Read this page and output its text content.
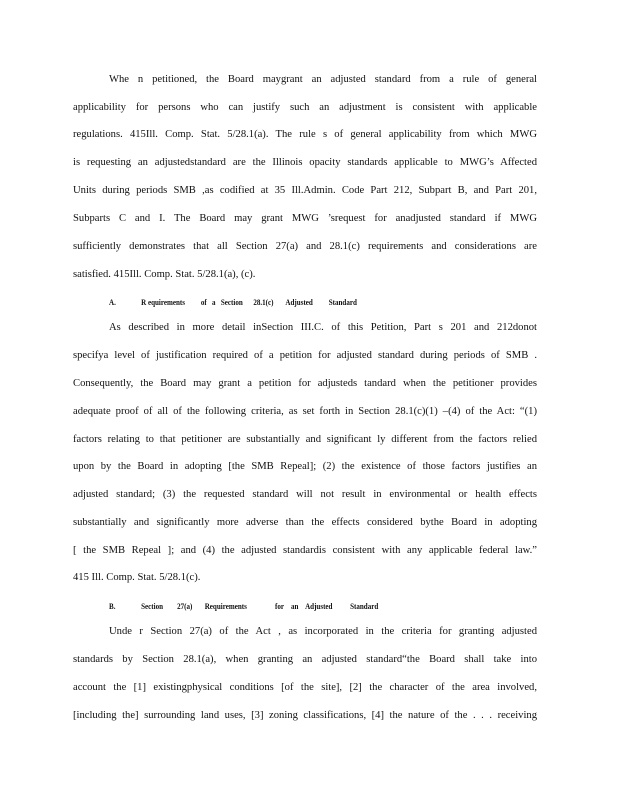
Whe n petitioned, the Board maygrant an adjusted standard from a rule of general
applicability for persons who can justify such an adjustment is consistent with applicable
regulations. 415Ill. Comp. Stat. 5/28.1(a). The rule s of general applicability from which MWG
is requesting an adjustedstandard are the Illinois opacity standards applicable to MWG’s Affected
Units during periods SMB ,as codified at 35 Ill.Admin. Code Part 212, Subpart B, and Part 201,
Subparts C and I. The Board may grant MWG ’srequest for anadjusted standard if MWG
sufficiently demonstrates that all Section 27(a) and 28.1(c) requirements and considerations are
satisfied. 415Ill. Comp. Stat. 5/28.1(a), (c).
A.	R equirements         of   a   Section      28.1(c)       Adjusted         Standard
As described in more detail inSection III.C. of this Petition, Part s 201 and 212donot
specifya level of justification required of a petition for adjusted standard during periods of SMB .
Consequently, the Board may grant a petition for adjusteds tandard when the petitioner provides
adequate proof of all of the following criteria, as set forth in Section 28.1(c)(1) –(4) of the Act: “(1)
factors relating to that petitioner are substantially and significant ly different from the factors relied
upon by the Board in adopting [the SMB Repeal]; (2) the existence of those factors justifies an
adjusted standard; (3) the requested standard will not result in environmental or health effects
substantially and significantly more adverse than the effects considered bythe Board in adopting
[ the SMB Repeal ]; and (4) the adjusted standardis consistent with any applicable federal law.”
415 Ill. Comp. Stat. 5/28.1(c).
B.	Section        27(a)       Requirements                for    an    Adjusted          Standard
Unde r Section 27(a) of the Act , as incorporated in the criteria for granting adjusted
standards by Section 28.1(a), when granting an adjusted standard“the Board shall take into
account the [1] existingphysical conditions [of the site], [2] the character of the area involved,
[including the] surrounding land uses, [3] zoning classifications, [4] the nature of the . . . receiving
